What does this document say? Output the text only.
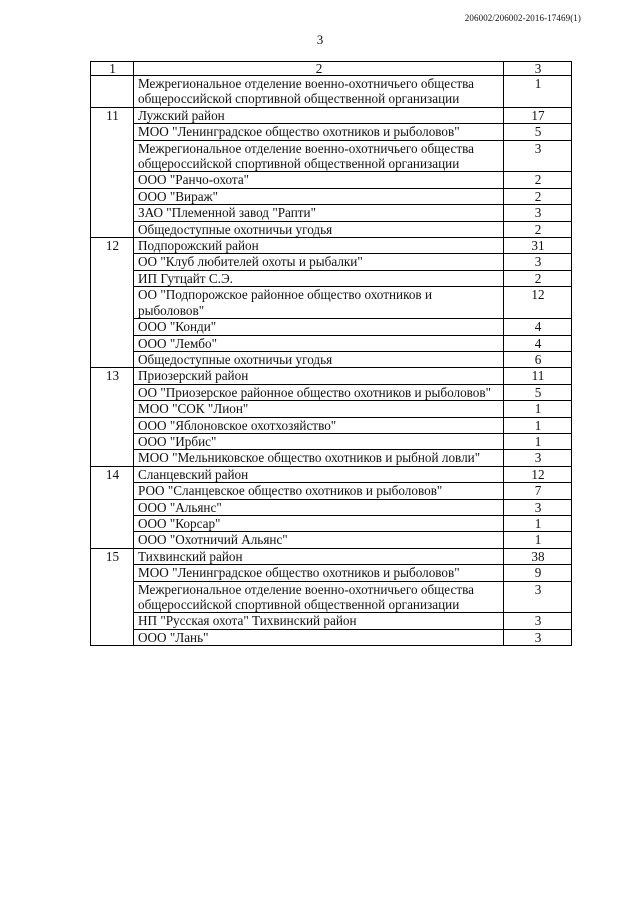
206002/206002-2016-17469(1)
3
1	2	3
	Межрегиональное отделение военно-охотничьего общества общероссийской спортивной общественной организации	1
11	Лужский район	17
	МОО "Ленинградское общество охотников и рыболовов"	5
	Межрегиональное отделение военно-охотничьего общества общероссийской спортивной общественной организации	3
	ООО "Ранчо-охота"	2
	ООО "Вираж"	2
	ЗАО "Племенной завод "Рапти"	3
	Общедоступные охотничьи угодья	2
12	Подпорожский район	31
	ОО "Клуб любителей охоты и рыбалки"	3
	ИП Гутцайт С.Э.	2
	ОО "Подпорожское районное общество охотников и рыболовов"	12
	ООО "Конди"	4
	ООО "Лембо"	4
	Общедоступные охотничьи угодья	6
13	Приозерский район	11
	ОО "Приозерское районное общество охотников и рыболовов"	5
	МОО "СОК "Лион"	1
	ООО "Яблоновское охотхозяйство"	1
	ООО "Ирбис"	1
	МОО "Мельниковское общество охотников и рыбной ловли"	3
14	Сланцевский район	12
	РОО "Сланцевское общество охотников и рыболовов"	7
	ООО "Альянс"	3
	ООО "Корсар"	1
	ООО "Охотничий Альянс"	1
15	Тихвинский район	38
	МОО "Ленинградское общество охотников и рыболовов"	9
	Межрегиональное отделение военно-охотничьего общества общероссийской спортивной общественной организации	3
	НП "Русская охота" Тихвинский район	3
	ООО "Лань"	3
